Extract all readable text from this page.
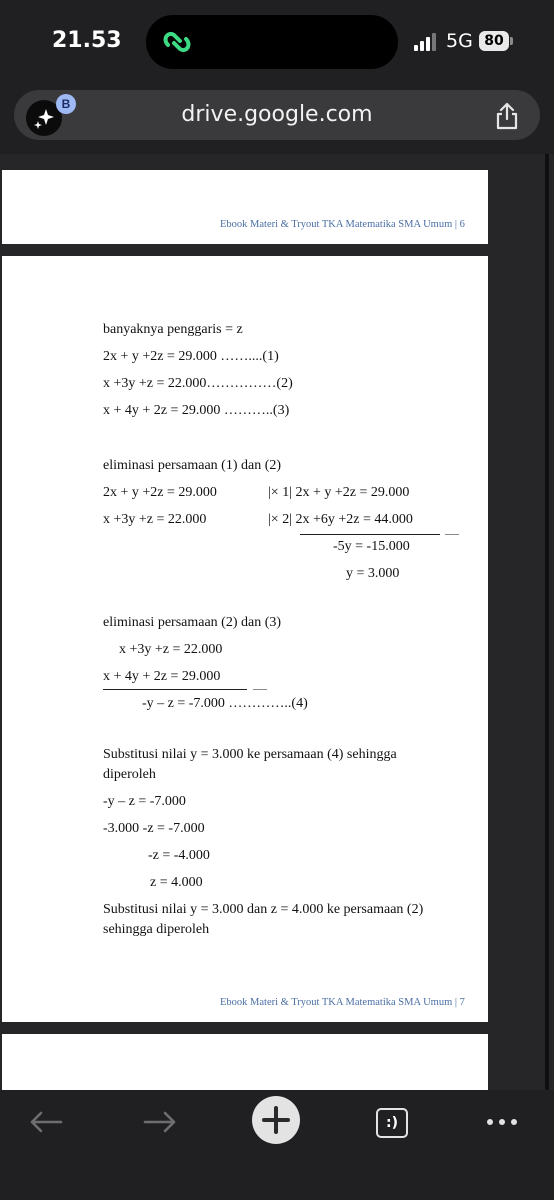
21.53	5G 80
B	drive.google.com
Ebook Materi & Tryout TKA Matematika SMA Umum | 6
banyaknya penggaris = z
2x + y +2z = 29.000 ……....(1)
x +3y +z = 22.000……………(2)
x + 4y + 2z = 29.000 ………..(3)
eliminasi persamaan (1) dan (2)
2x + y +2z = 29.000	|× 1| 2x + y +2z = 29.000
x +3y +z = 22.000	|× 2| 2x +6y +2z = 44.000
-5y = -15.000
y = 3.000
eliminasi persamaan (2) dan (3)
x +3y +z = 22.000
x + 4y + 2z = 29.000
-y – z = -7.000 …………..(4)
Substitusi nilai y = 3.000 ke persamaan (4) sehingga
diperoleh
-y – z = -7.000
-3.000 -z = -7.000
-z = -4.000
z = 4.000
Substitusi nilai y = 3.000 dan z = 4.000 ke persamaan (2)
sehingga diperoleh
Ebook Materi & Tryout TKA Matematika SMA Umum | 7
:)
